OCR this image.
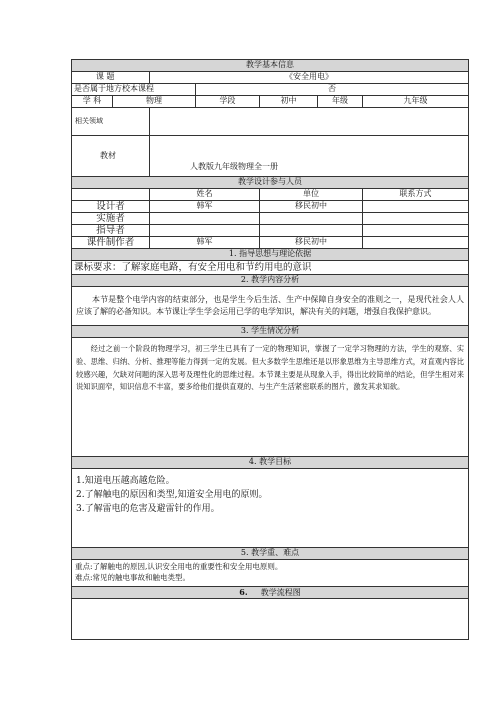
教学基本信息						
课 题		《安全用电》				
是否属于地方校本课程			否			
学 科	物理		学段	初中	年级	九年级
相关领域						
教材		人教版九年级物理全一册				
教学设计参与人员						
		姓名		单位		联系方式
设计者		韩军		移民初中		
实施者						
指导者						
课件制作者		韩军		移民初中		
1. 指导思想与理论依据						
课标要求：了解家庭电路，有安全用电和节约用电的意识						
2. 教学内容分析						
本节是整个电学内容的结束部分，也是学生今后生活、生产中保障自身安全的准则之一，是现代社会人人应该了解的必备知识。本节课让学生学会运用已学的电学知识，解决有关的问题，增强自我保护意识。						
3. 学生情况分析						
经过之前一个阶段的物理学习，初三学生已具有了一定的物理知识，掌握了一定学习物理的方法，学生的观察、实验、思维、归纳、分析、推理等能力得到一定的发展。但大多数学生思维还是以形象思维为主导思维方式，对直观内容比较感兴趣，欠缺对问题的深入思考及理性化的思维过程。本节课主要是从现象入手，得出比较简单的结论，但学生相对来说知识面窄，知识信息不丰富，要多给他们提供直观的、与生产生活紧密联系的图片，激发其求知欲。						
4. 教学目标						

1.知道电压越高越危险。
2.了解触电的原因和类型,知道安全用电的原则。
3.了解雷电的危害及避雷针的作用。						

5. 教学重、难点						

重点:了解触电的原因,认识安全用电的重要性和安全用电原则。
难点:常见的触电事故和触电类型。						

6. 教学流程图						
